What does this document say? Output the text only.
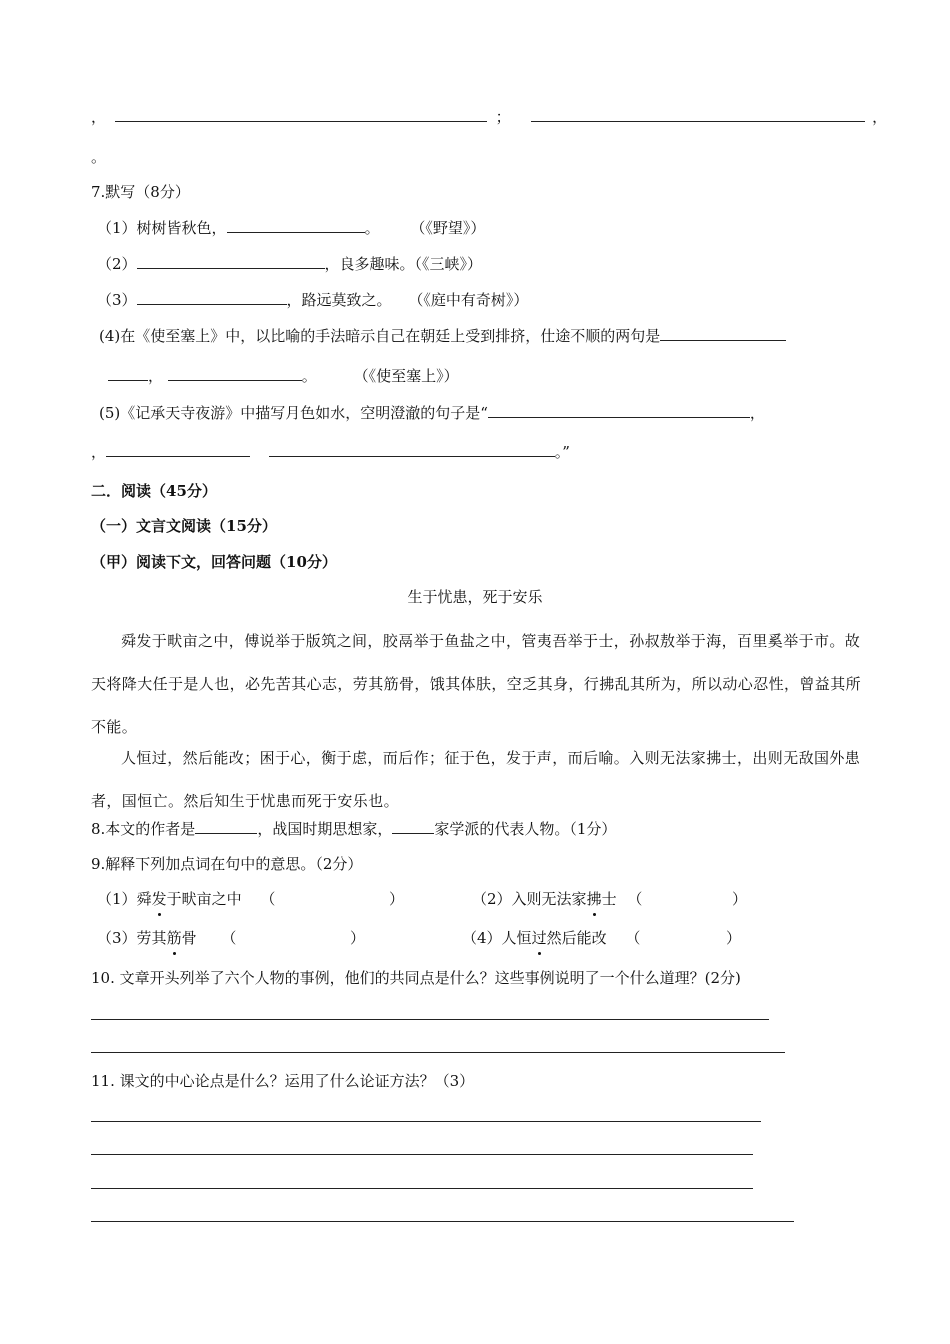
，	；	，
。
7.默写（8分）
（1）树树皆秋色，	。 （《野望》）
（2）	，良多趣味。（《三峡》）
（3）	，路远莫致之。 （《庭中有奇树》）
(4)在《使至塞上》中，以比喻的手法暗示自己在朝廷上受到排挤，仕途不顺的两句是
，	。 （《使至塞上》）
(5)《记承天寺夜游》中描写月色如水，空明澄澈的句子是“	，
，	。”
二．阅读（45分）
（一）文言文阅读（15分）
（甲）阅读下文，回答问题（10分）
生于忧患，死于安乐
舜发于畎亩之中，傅说举于版筑之间，胶鬲举于鱼盐之中，管夷吾举于士，孙叔敖举于海，百里奚举于市。故天将降大任于是人也，必先苦其心志，劳其筋骨，饿其体肤，空乏其身，行拂乱其所为，所以动心忍性，曾益其所不能。
人恒过，然后能改；困于心，衡于虑，而后作；征于色，发于声，而后喻。入则无法家拂士，出则无敌国外患者，国恒亡。然后知生于忧患而死于安乐也。
8.本文的作者是	，战国时期思想家，	家学派的代表人物。（1分）
9.解释下列加点词在句中的意思。（2分）
（1）舜发于畎亩之中 （	）	（2）入则无法家拂士 （	）
（3）劳其筋骨 （	）	（4）人恒过然后能改 （	）
10. 文章开头列举了六个人物的事例，他们的共同点是什么？这些事例说明了一个什么道理？(2分)
11. 课文的中心论点是什么？运用了什么论证方法？（3）
